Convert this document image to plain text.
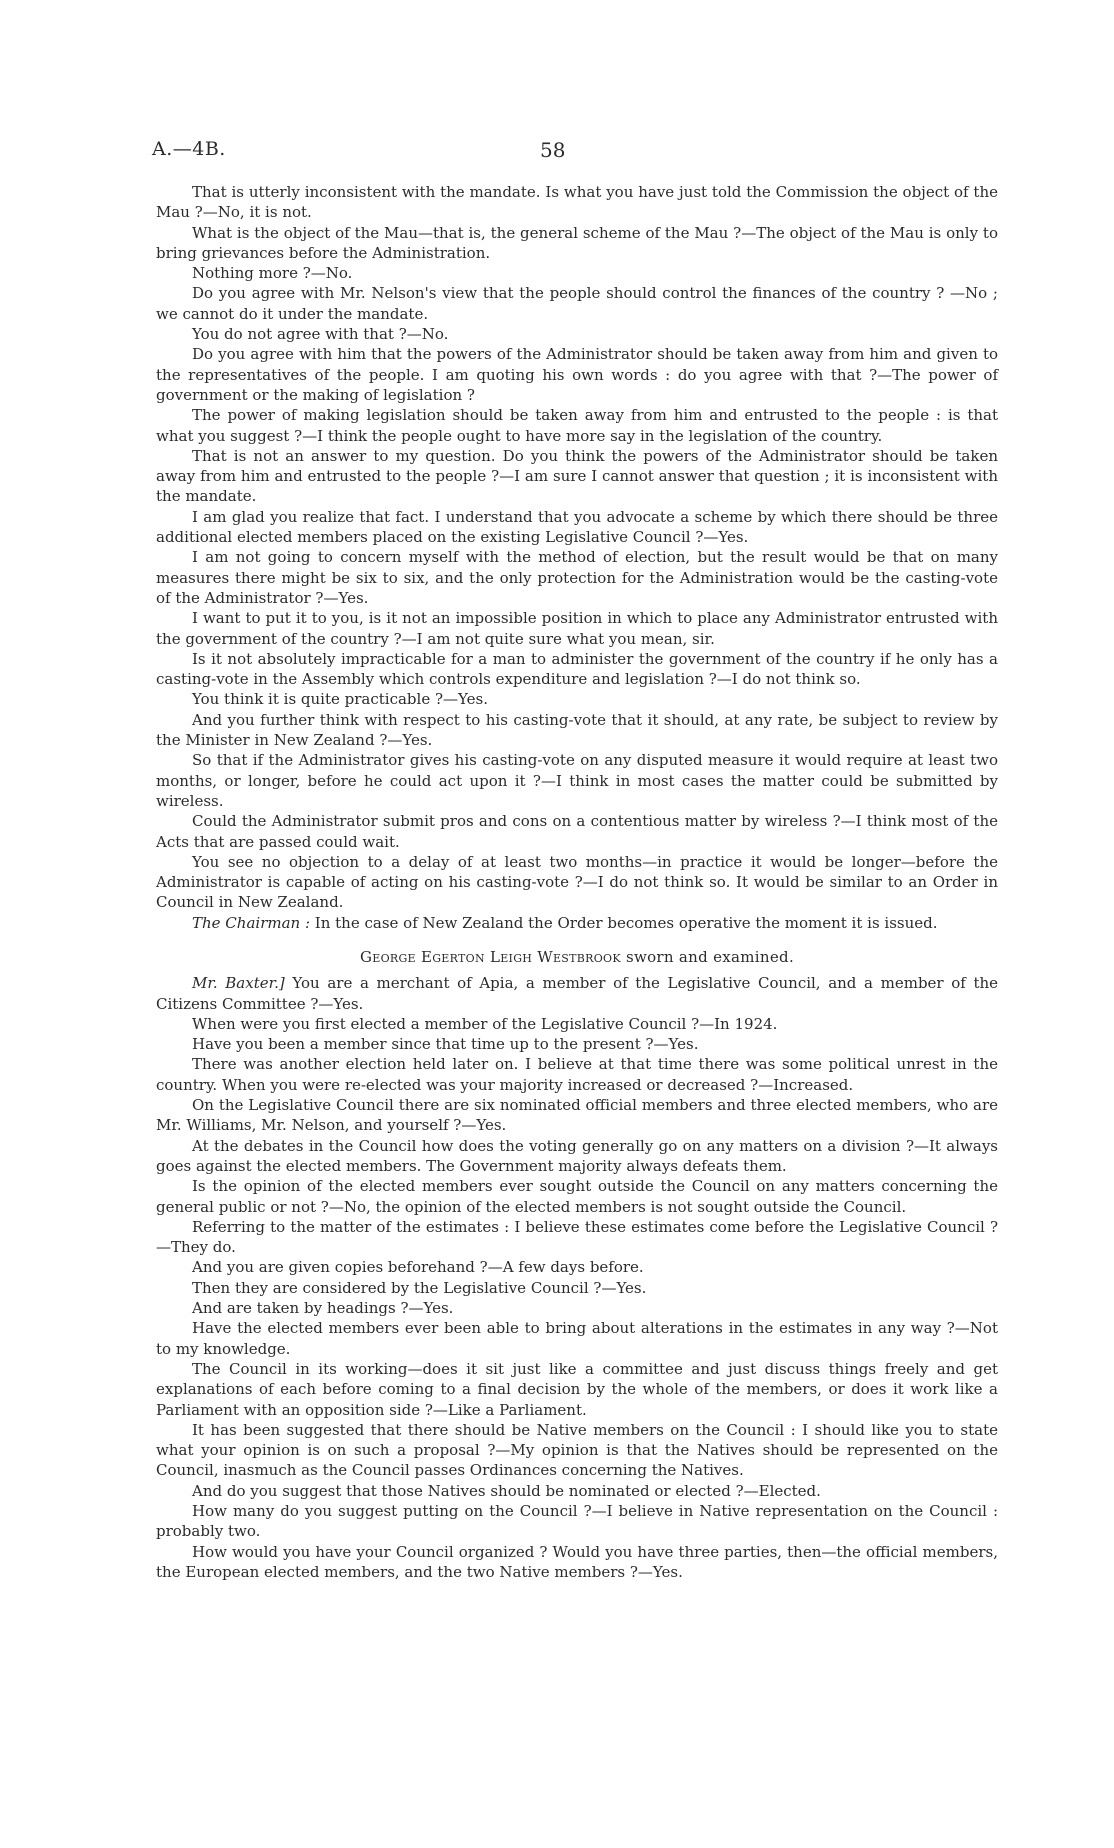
A.—4B.	58

That is utterly inconsistent with the mandate. Is what you have just told the Commission the object of the Mau ?—No, it is not.

What is the object of the Mau—that is, the general scheme of the Mau ?—The object of the Mau is only to bring grievances before the Administration.

Nothing more ?—No.

Do you agree with Mr. Nelson's view that the people should control the finances of the country ? —No ; we cannot do it under the mandate.

You do not agree with that ?—No.

Do you agree with him that the powers of the Administrator should be taken away from him and given to the representatives of the people. I am quoting his own words : do you agree with that ?—The power of government or the making of legislation ?

The power of making legislation should be taken away from him and entrusted to the people : is that what you suggest ?—I think the people ought to have more say in the legislation of the country.

That is not an answer to my question. Do you think the powers of the Administrator should be taken away from him and entrusted to the people ?—I am sure I cannot answer that question ; it is inconsistent with the mandate.

I am glad you realize that fact. I understand that you advocate a scheme by which there should be three additional elected members placed on the existing Legislative Council ?—Yes.

I am not going to concern myself with the method of election, but the result would be that on many measures there might be six to six, and the only protection for the Administration would be the casting-vote of the Administrator ?—Yes.

I want to put it to you, is it not an impossible position in which to place any Administrator entrusted with the government of the country ?—I am not quite sure what you mean, sir.

Is it not absolutely impracticable for a man to administer the government of the country if he only has a casting-vote in the Assembly which controls expenditure and legislation ?—I do not think so.

You think it is quite practicable ?—Yes.

And you further think with respect to his casting-vote that it should, at any rate, be subject to review by the Minister in New Zealand ?—Yes.

So that if the Administrator gives his casting-vote on any disputed measure it would require at least two months, or longer, before he could act upon it ?—I think in most cases the matter could be submitted by wireless.

Could the Administrator submit pros and cons on a contentious matter by wireless ?—I think most of the Acts that are passed could wait.

You see no objection to a delay of at least two months—in practice it would be longer—before the Administrator is capable of acting on his casting-vote ?—I do not think so. It would be similar to an Order in Council in New Zealand.

The Chairman : In the case of New Zealand the Order becomes operative the moment it is issued.

George Egerton Leigh Westbrook sworn and examined.

Mr. Baxter.] You are a merchant of Apia, a member of the Legislative Council, and a member of the Citizens Committee ?—Yes.

When were you first elected a member of the Legislative Council ?—In 1924.

Have you been a member since that time up to the present ?—Yes.

There was another election held later on. I believe at that time there was some political unrest in the country. When you were re-elected was your majority increased or decreased ?—Increased.

On the Legislative Council there are six nominated official members and three elected members, who are Mr. Williams, Mr. Nelson, and yourself ?—Yes.

At the debates in the Council how does the voting generally go on any matters on a division ?—It always goes against the elected members. The Government majority always defeats them.

Is the opinion of the elected members ever sought outside the Council on any matters concerning the general public or not ?—No, the opinion of the elected members is not sought outside the Council.

Referring to the matter of the estimates : I believe these estimates come before the Legislative Council ?—They do.

And you are given copies beforehand ?—A few days before.

Then they are considered by the Legislative Council ?—Yes.

And are taken by headings ?—Yes.

Have the elected members ever been able to bring about alterations in the estimates in any way ?—Not to my knowledge.

The Council in its working—does it sit just like a committee and just discuss things freely and get explanations of each before coming to a final decision by the whole of the members, or does it work like a Parliament with an opposition side ?—Like a Parliament.

It has been suggested that there should be Native members on the Council : I should like you to state what your opinion is on such a proposal ?—My opinion is that the Natives should be represented on the Council, inasmuch as the Council passes Ordinances concerning the Natives.

And do you suggest that those Natives should be nominated or elected ?—Elected.

How many do you suggest putting on the Council ?—I believe in Native representation on the Council : probably two.

How would you have your Council organized ? Would you have three parties, then—the official members, the European elected members, and the two Native members ?—Yes.
